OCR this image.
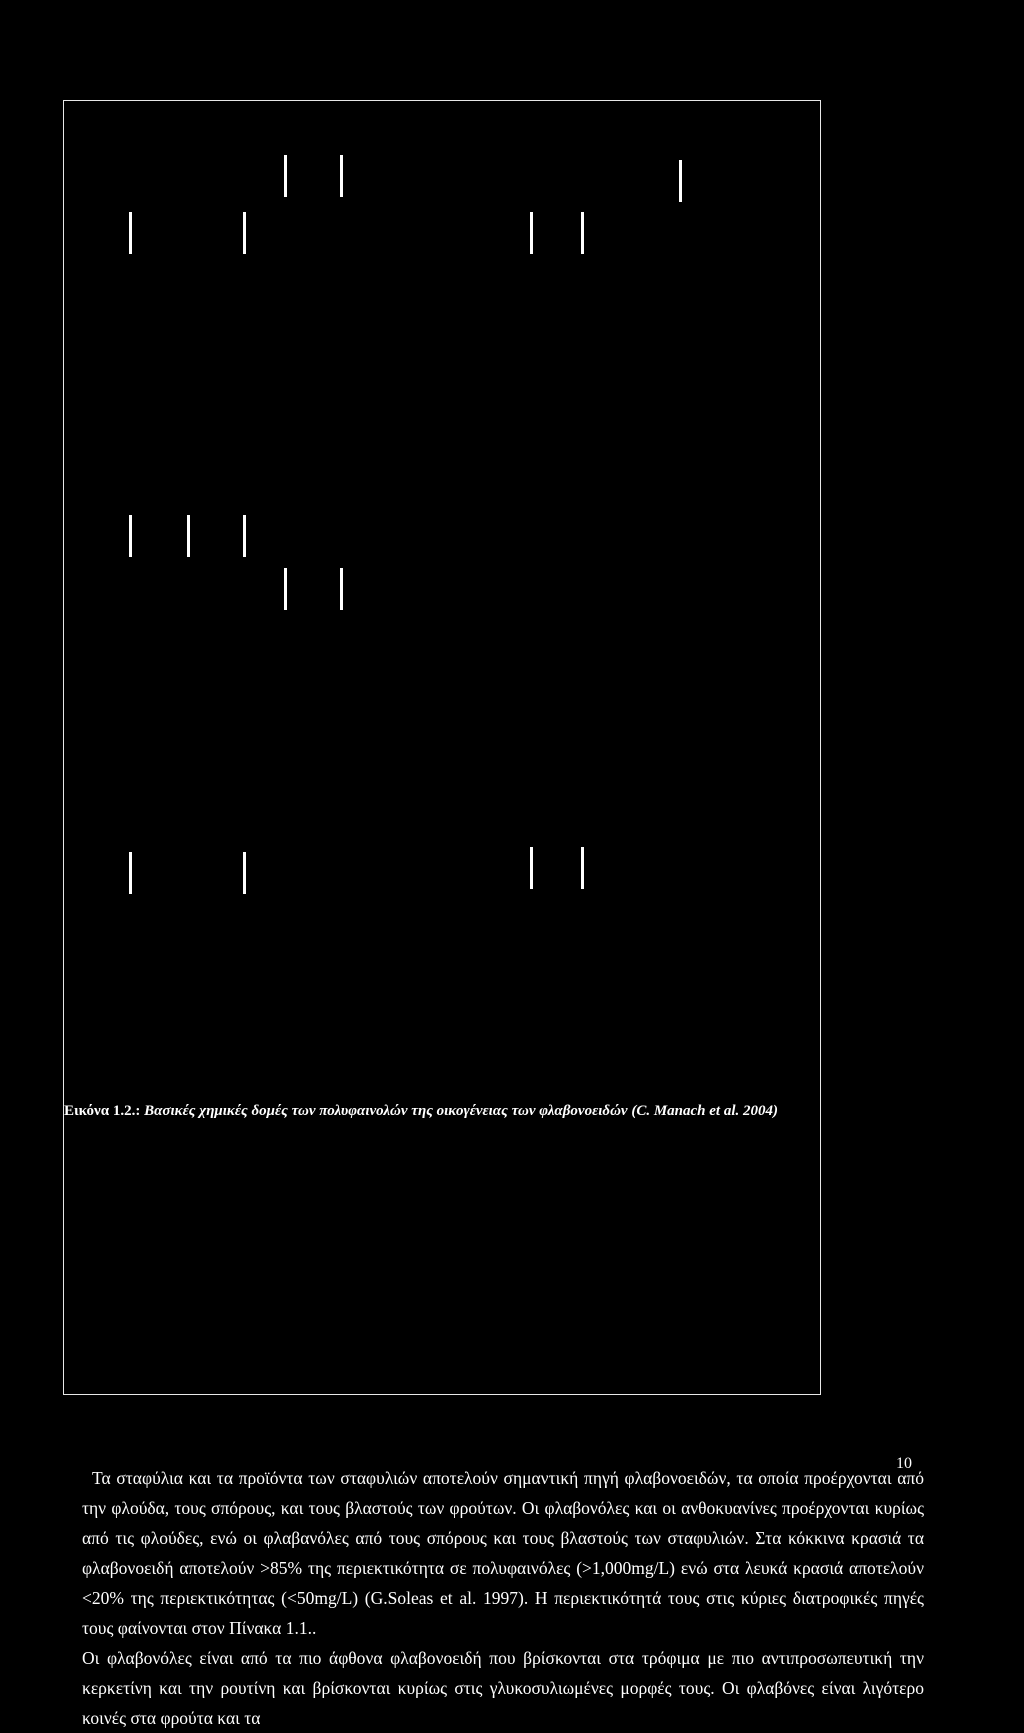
Εικόνα 1.2.: Βασικές χημικές δομές των πολυφαινολών της οικογένειας των φλαβονοειδών (C. Manach et al. 2004)

Τα σταφύλια και τα προϊόντα των σταφυλιών αποτελούν σημαντική πηγή φλαβονοειδών, τα οποία προέρχονται από την φλούδα, τους σπόρους, και τους βλαστούς των φρούτων. Οι φλαβονόλες και οι ανθοκυανίνες προέρχονται κυρίως από τις φλούδες, ενώ οι φλαβανόλες από τους σπόρους και τους βλαστούς των σταφυλιών. Στα κόκκινα κρασιά τα φλαβονοειδή αποτελούν >85% της περιεκτικότητα σε πολυφαινόλες (>1,000mg/L) ενώ στα λευκά κρασιά αποτελούν <20% της περιεκτικότητας (<50mg/L) (G.Soleas et al. 1997). Η περιεκτικότητά τους στις κύριες διατροφικές πηγές τους φαίνονται στον Πίνακα 1.1..

Οι φλαβονόλες είναι από τα πιο άφθονα φλαβονοειδή που βρίσκονται στα τρόφιμα με πιο αντιπροσωπευτική την κερκετίνη και την ρουτίνη και βρίσκονται κυρίως στις γλυκοσυλιωμένες μορφές τους. Οι φλαβόνες είναι λιγότερο κοινές στα φρούτα και τα

10
